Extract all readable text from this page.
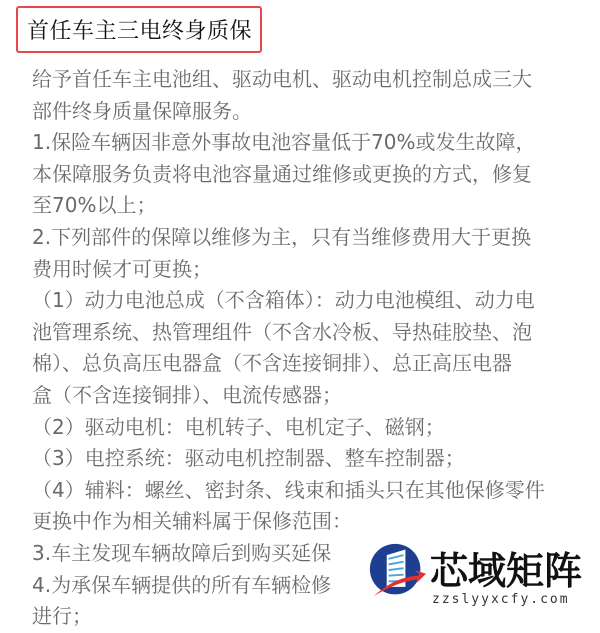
首任车主三电终身质保
给予首任车主电池组、驱动电机、驱动电机控制总成三大
部件终身质量保障服务。
1.保险车辆因非意外事故电池容量低于70%或发生故障，
本保障服务负责将电池容量通过维修或更换的方式，修复
至70%以上；
2.下列部件的保障以维修为主，只有当维修费用大于更换
费用时候才可更换；
（1）动力电池总成（不含箱体）：动力电池模组、动力电
池管理系统、热管理组件（不含水冷板、导热硅胶垫、泡
棉）、总负高压电器盒（不含连接铜排）、总正高压电器
盒（不含连接铜排）、电流传感器；
（2）驱动电机：电机转子、电机定子、磁钢；
（3）电控系统：驱动电机控制器、整车控制器；
（4）辅料：螺丝、密封条、线束和插头只在其他保修零件
更换中作为相关辅料属于保修范围：
3.车主发现车辆故障后到购买延保
4.为承保车辆提供的所有车辆检修
进行；
芯域矩阵
zzslyyxcfy.com
